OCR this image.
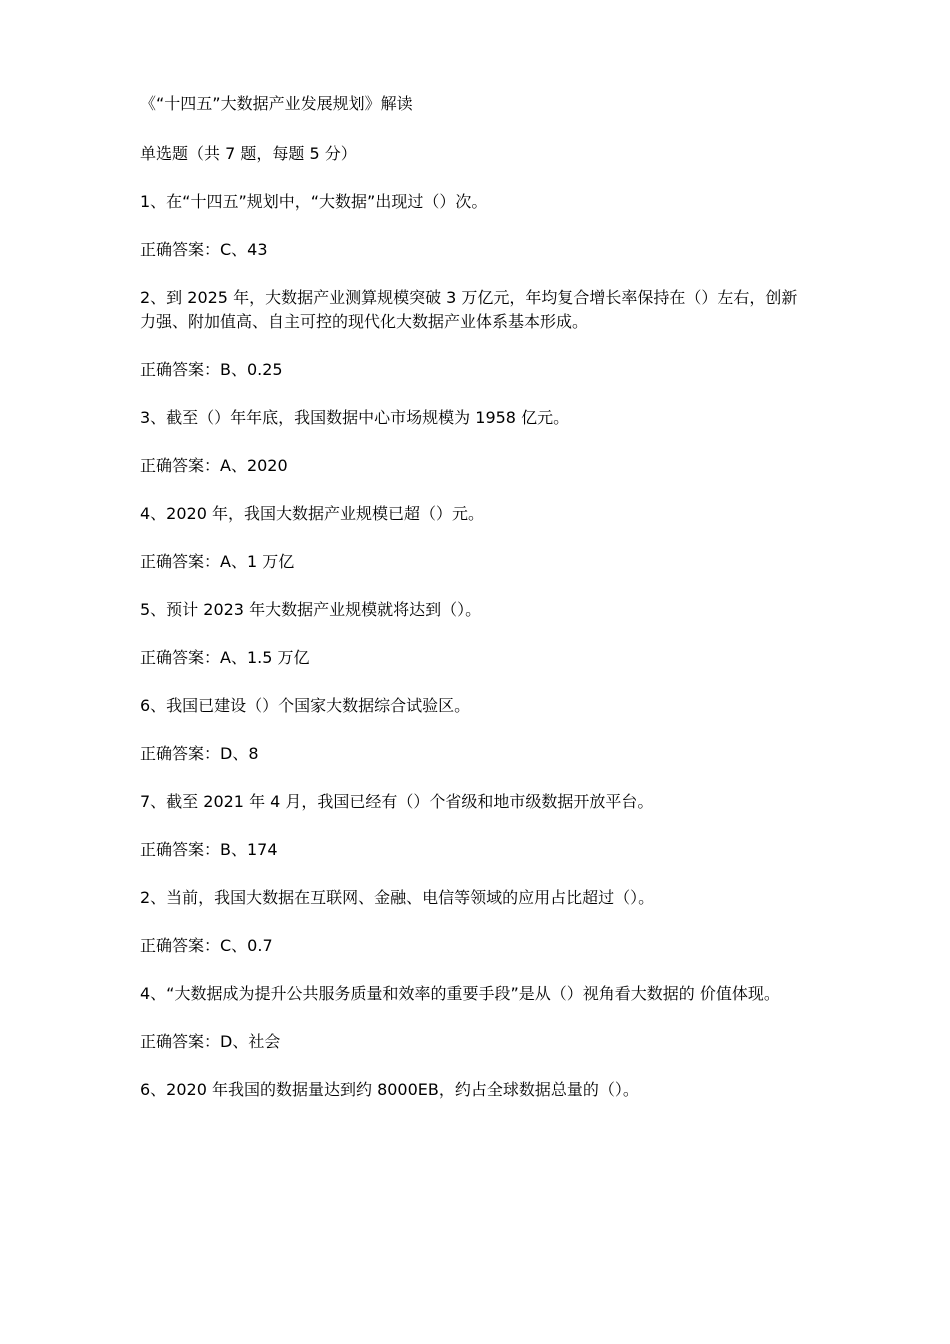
《“十四五”大数据产业发展规划》解读

单选题（共 7 题，每题 5 分）

1、在“十四五”规划中，“大数据”出现过（）次。

正确答案：C、43

2、到 2025 年，大数据产业测算规模突破 3 万亿元，年均复合增长率保持在（）左右，创新力强、附加值高、自主可控的现代化大数据产业体系基本形成。

正确答案：B、0.25

3、截至（）年年底，我国数据中心市场规模为 1958 亿元。

正确答案：A、2020

4、2020 年，我国大数据产业规模已超（）元。

正确答案：A、1 万亿

5、预计 2023 年大数据产业规模就将达到（）。

正确答案：A、1.5 万亿

6、我国已建设（）个国家大数据综合试验区。

正确答案：D、8

7、截至 2021 年 4 月，我国已经有（）个省级和地市级数据开放平台。

正确答案：B、174

2、当前，我国大数据在互联网、金融、电信等领域的应用占比超过（）。

正确答案：C、0.7

4、“大数据成为提升公共服务质量和效率的重要手段”是从（）视角看大数据的 价值体现。

正确答案：D、社会

6、2020 年我国的数据量达到约 8000EB，约占全球数据总量的（）。
